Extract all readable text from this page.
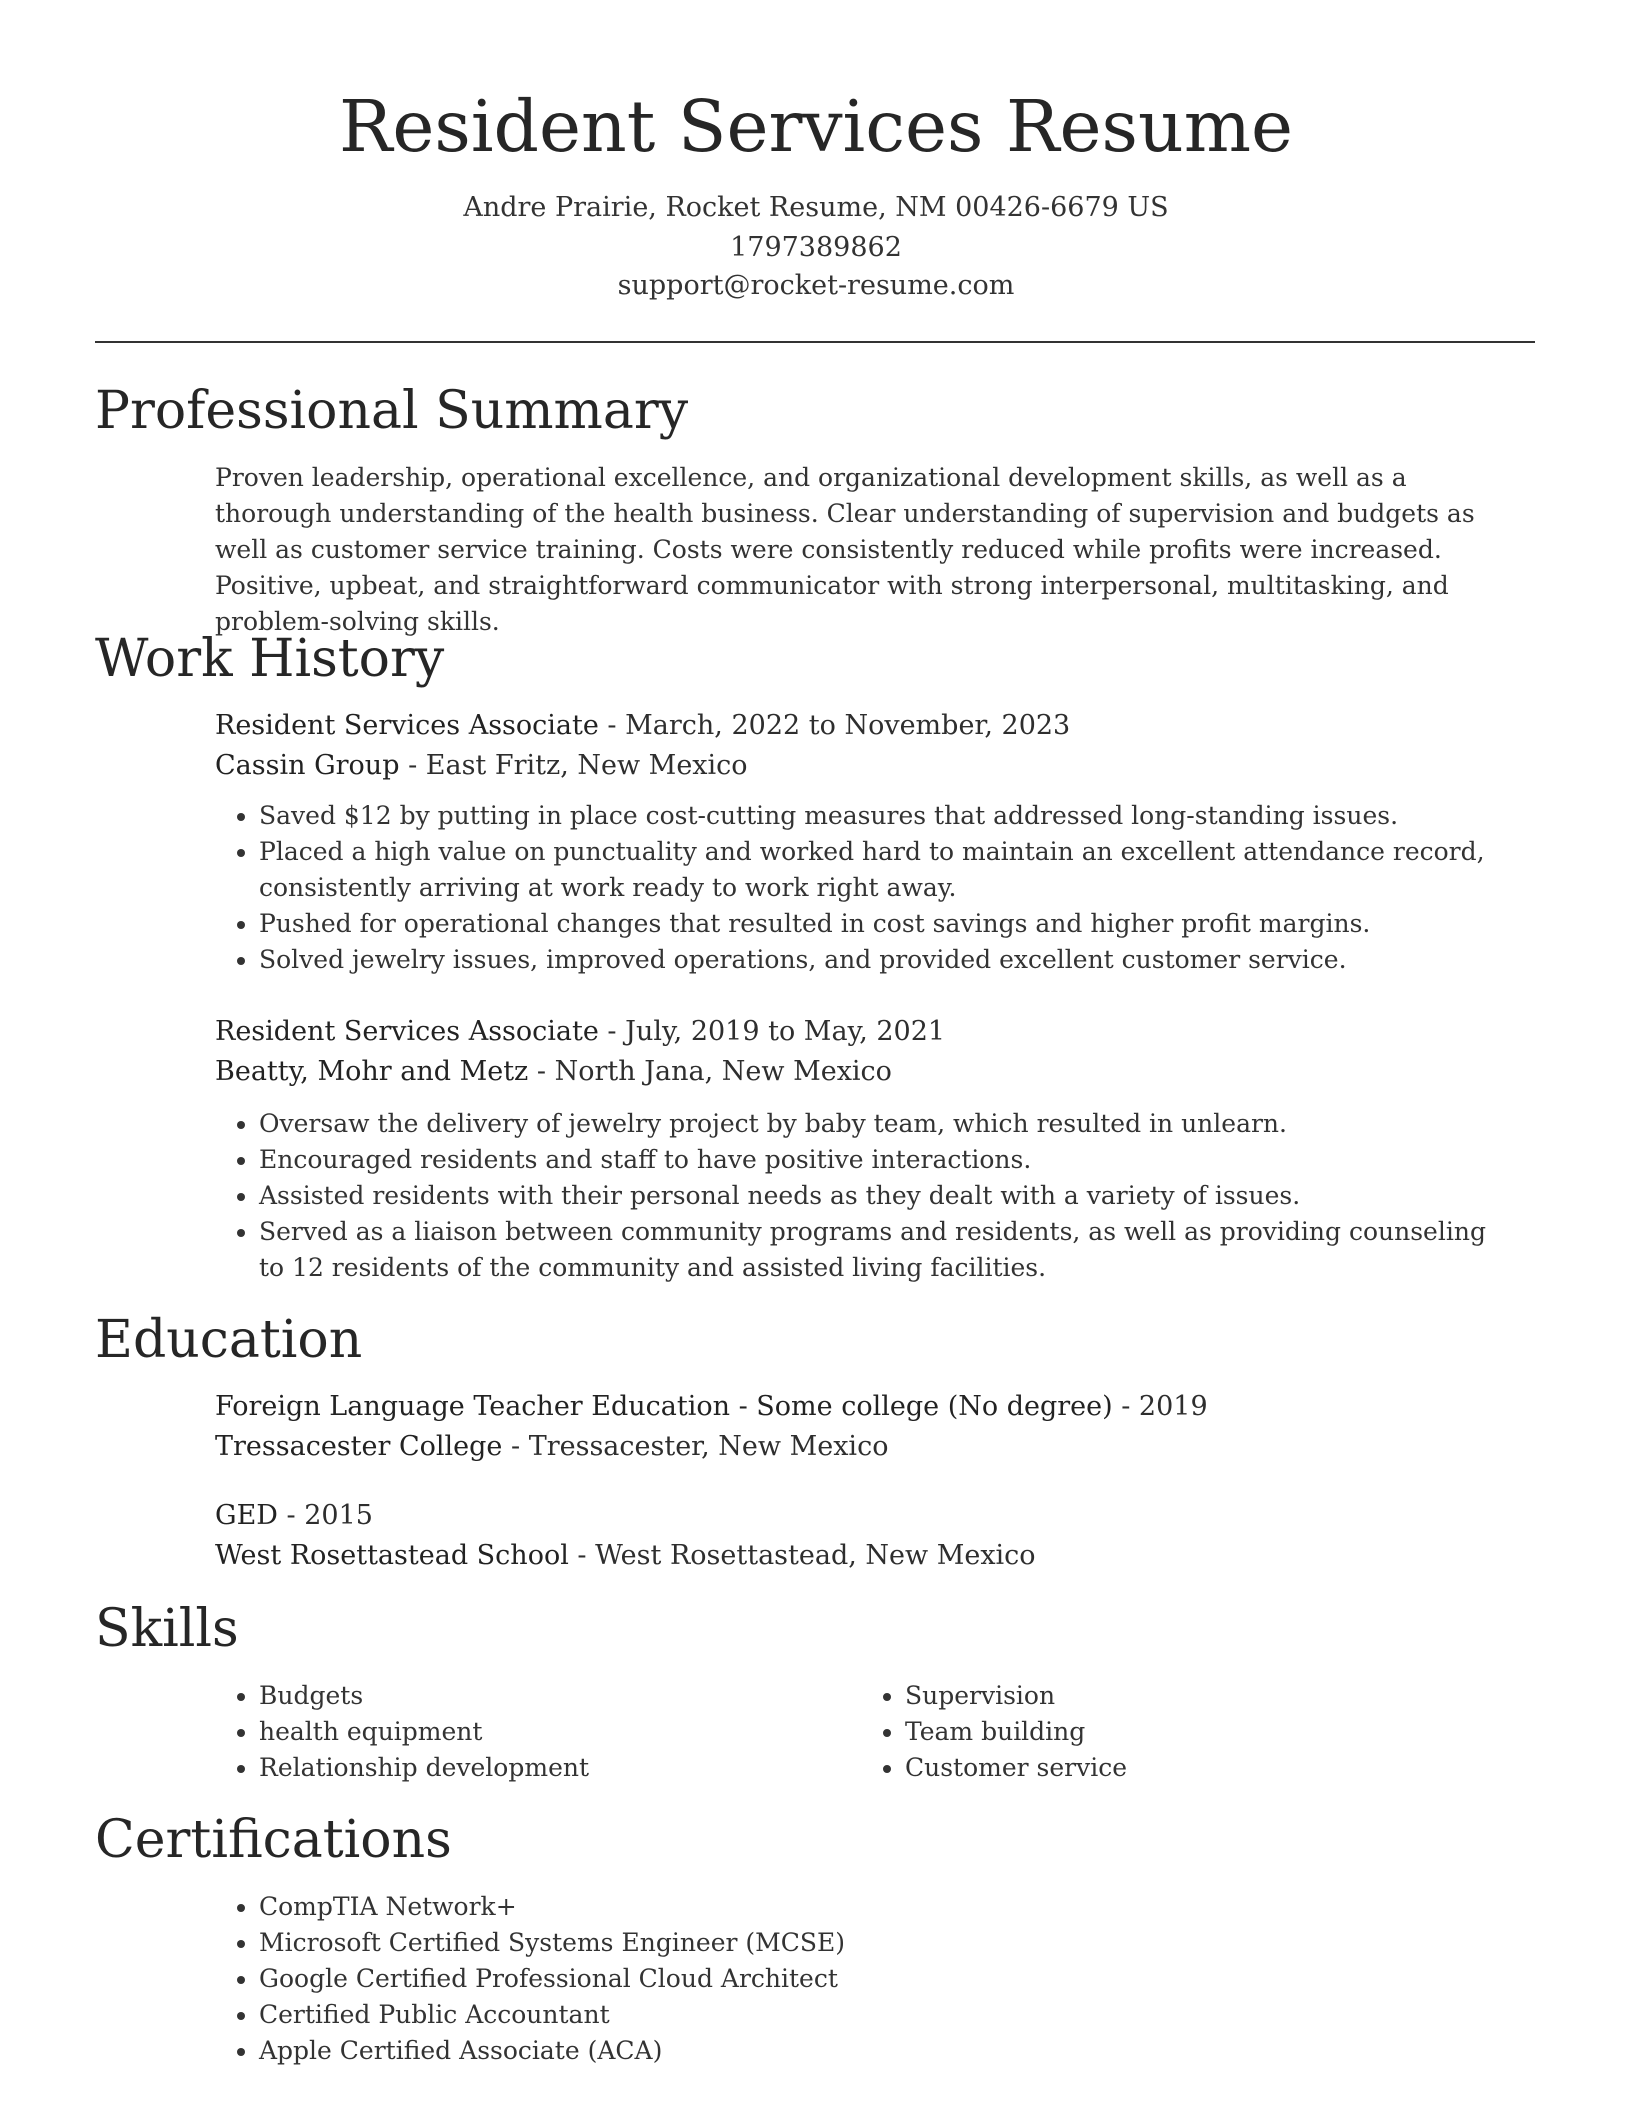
Resident Services Resume
Andre Prairie, Rocket Resume, NM 00426-6679 US
1797389862
support@rocket-resume.com
Professional Summary

Proven leadership, operational excellence, and organizational development skills, as well as a thorough understanding of the health business. Clear understanding of supervision and budgets as well as customer service training. Costs were consistently reduced while profits were increased. Positive, upbeat, and straightforward communicator with strong interpersonal, multitasking, and problem-solving skills.

Work History
Resident Services Associate - March, 2022 to November, 2023
Cassin Group - East Fritz, New Mexico
• Saved $12 by putting in place cost-cutting measures that addressed long-standing issues.
• Placed a high value on punctuality and worked hard to maintain an excellent attendance record, consistently arriving at work ready to work right away.
• Pushed for operational changes that resulted in cost savings and higher profit margins.
• Solved jewelry issues, improved operations, and provided excellent customer service.
Resident Services Associate - July, 2019 to May, 2021
Beatty, Mohr and Metz - North Jana, New Mexico
• Oversaw the delivery of jewelry project by baby team, which resulted in unlearn.
• Encouraged residents and staff to have positive interactions.
• Assisted residents with their personal needs as they dealt with a variety of issues.
• Served as a liaison between community programs and residents, as well as providing counseling to 12 residents of the community and assisted living facilities.
Education
Foreign Language Teacher Education - Some college (No degree) - 2019
Tressacester College - Tressacester, New Mexico
GED - 2015
West Rosettastead School - West Rosettastead, New Mexico
Skills
• Budgets
• health equipment
• Relationship development
• Supervision
• Team building
• Customer service
Certifications
• CompTIA Network+
• Microsoft Certified Systems Engineer (MCSE)
• Google Certified Professional Cloud Architect
• Certified Public Accountant
• Apple Certified Associate (ACA)
